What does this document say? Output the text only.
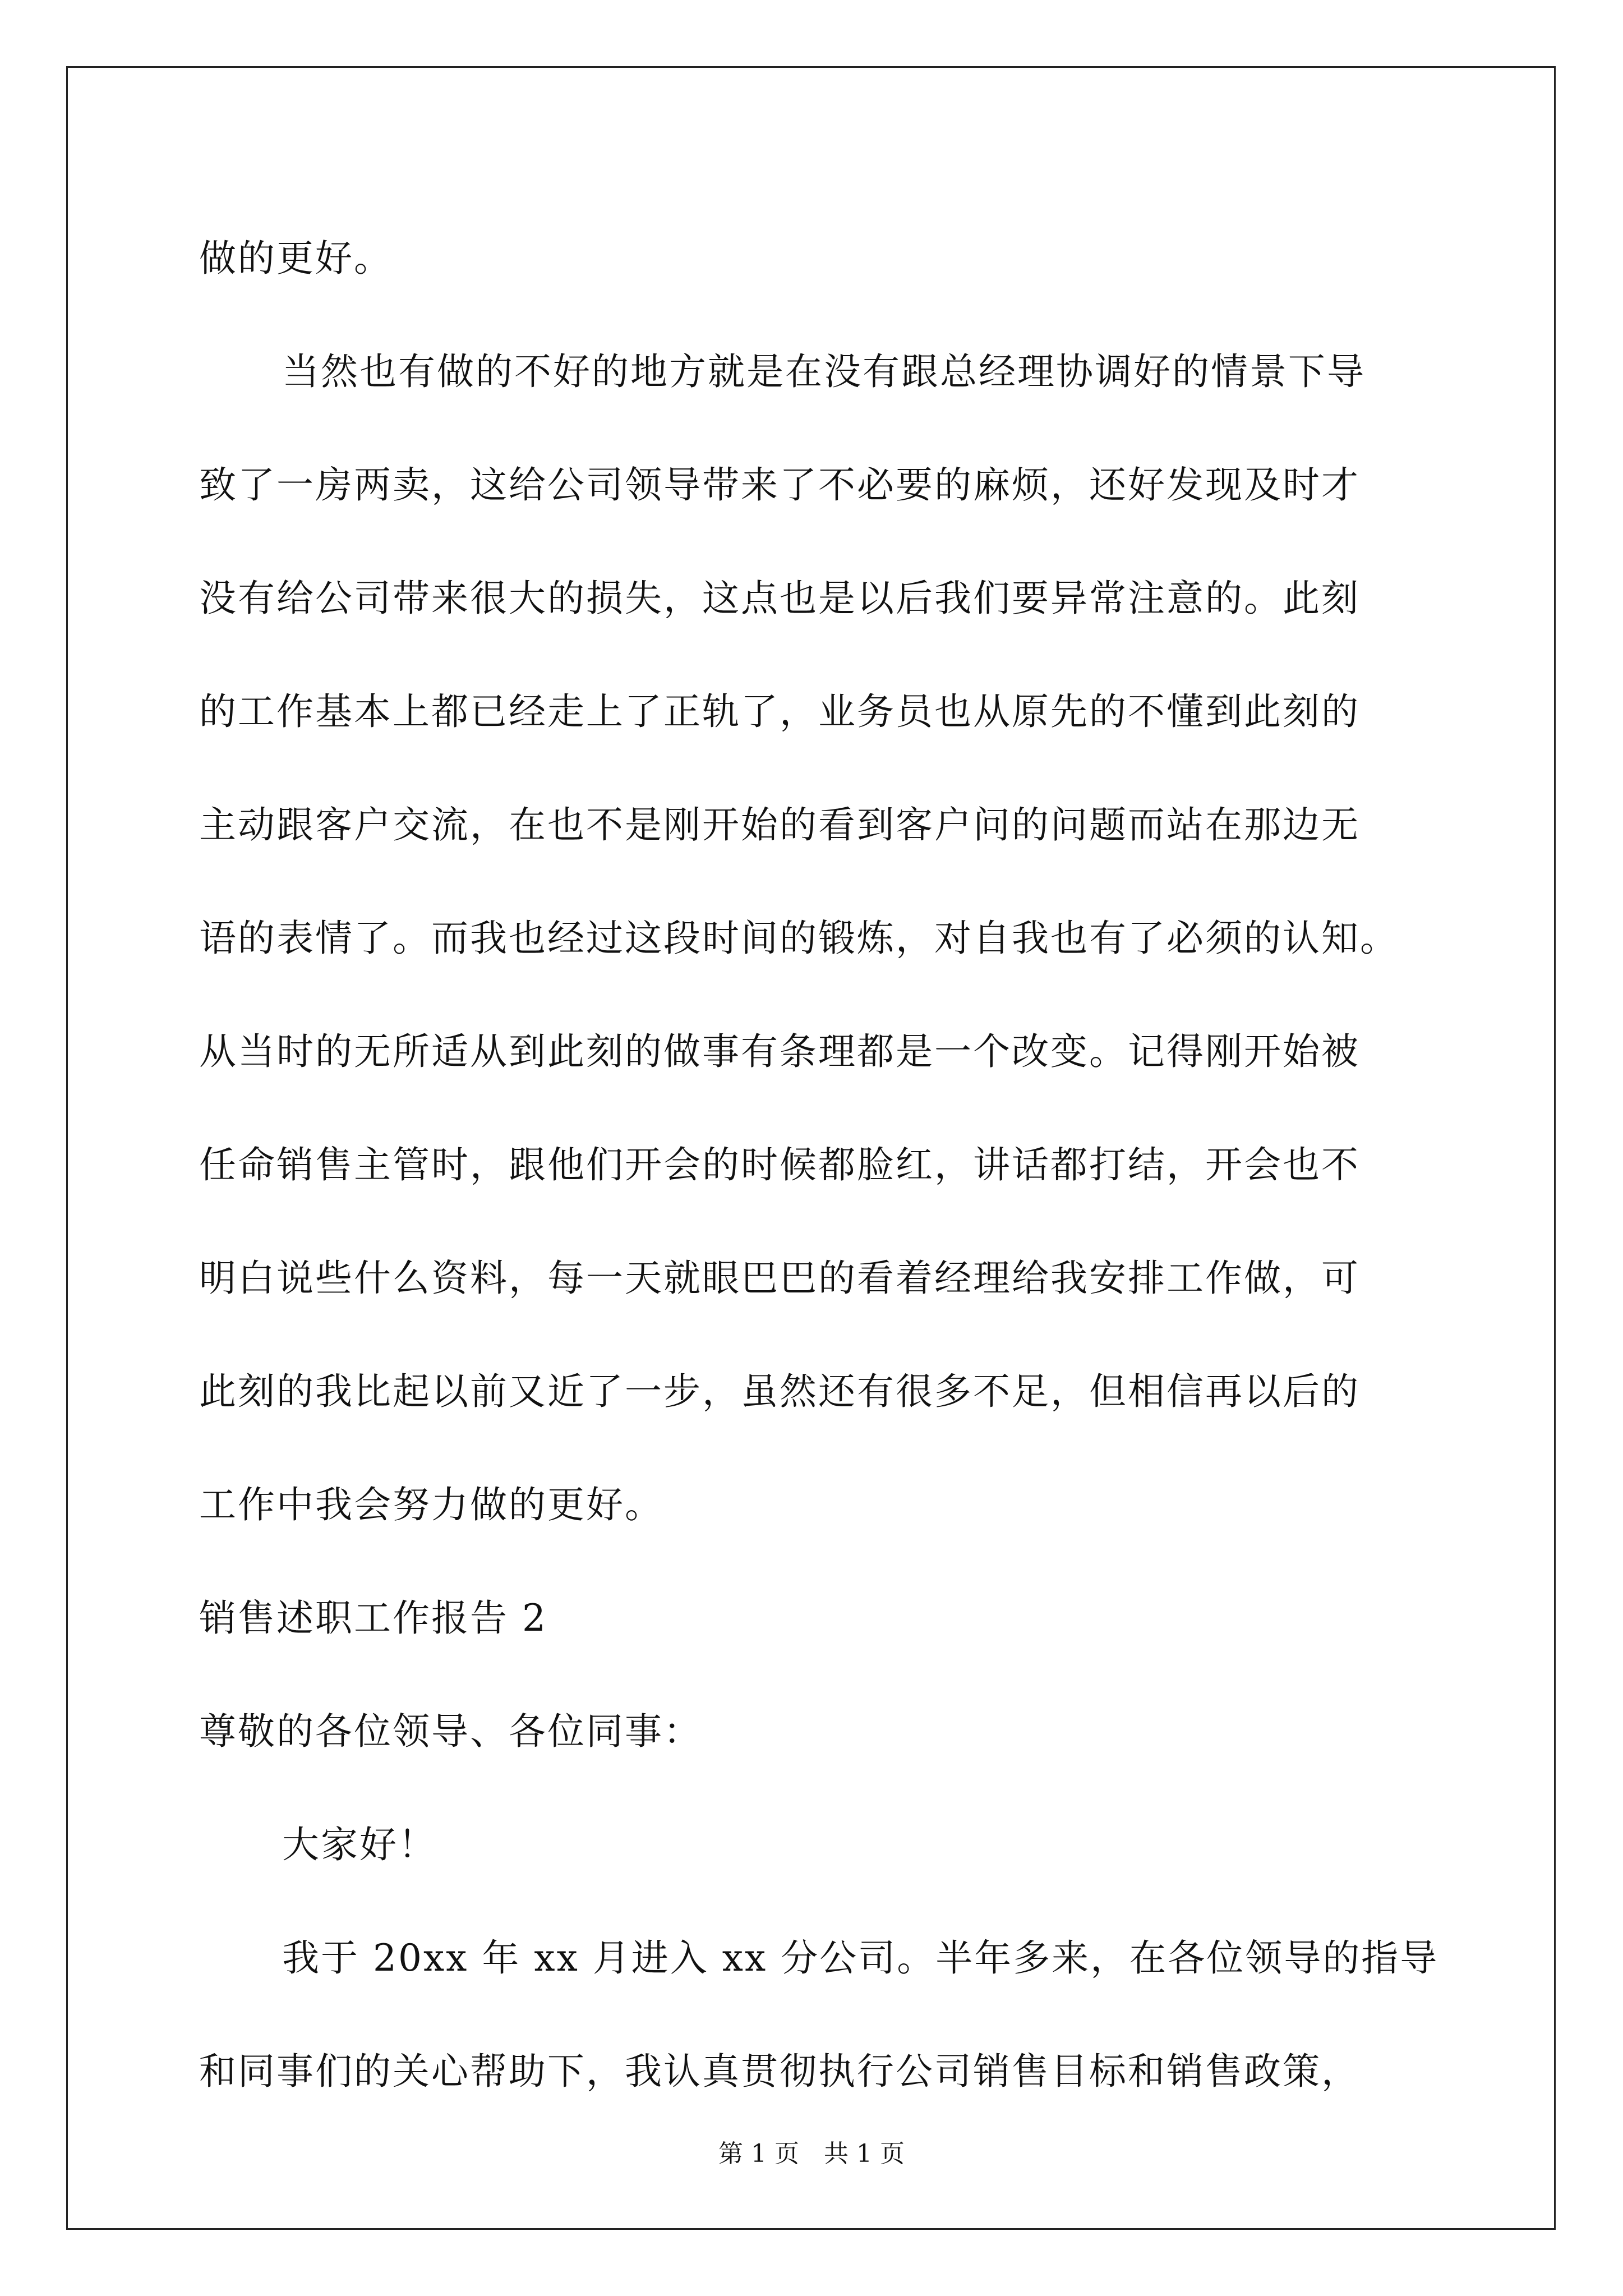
做的更好。
当然也有做的不好的地方就是在没有跟总经理协调好的情景下导
致了一房两卖，这给公司领导带来了不必要的麻烦，还好发现及时才
没有给公司带来很大的损失，这点也是以后我们要异常注意的。此刻
的工作基本上都已经走上了正轨了，业务员也从原先的不懂到此刻的
主动跟客户交流，在也不是刚开始的看到客户问的问题而站在那边无
语的表情了。而我也经过这段时间的锻炼，对自我也有了必须的认知。
从当时的无所适从到此刻的做事有条理都是一个改变。记得刚开始被
任命销售主管时，跟他们开会的时候都脸红，讲话都打结，开会也不
明白说些什么资料，每一天就眼巴巴的看着经理给我安排工作做，可
此刻的我比起以前又近了一步，虽然还有很多不足，但相信再以后的
工作中我会努力做的更好。
销售述职工作报告 2
尊敬的各位领导、各位同事：
大家好！
我于 20xx 年 xx 月进入 xx 分公司。半年多来，在各位领导的指导
和同事们的关心帮助下，我认真贯彻执行公司销售目标和销售政策，
第 1 页 共 1 页
